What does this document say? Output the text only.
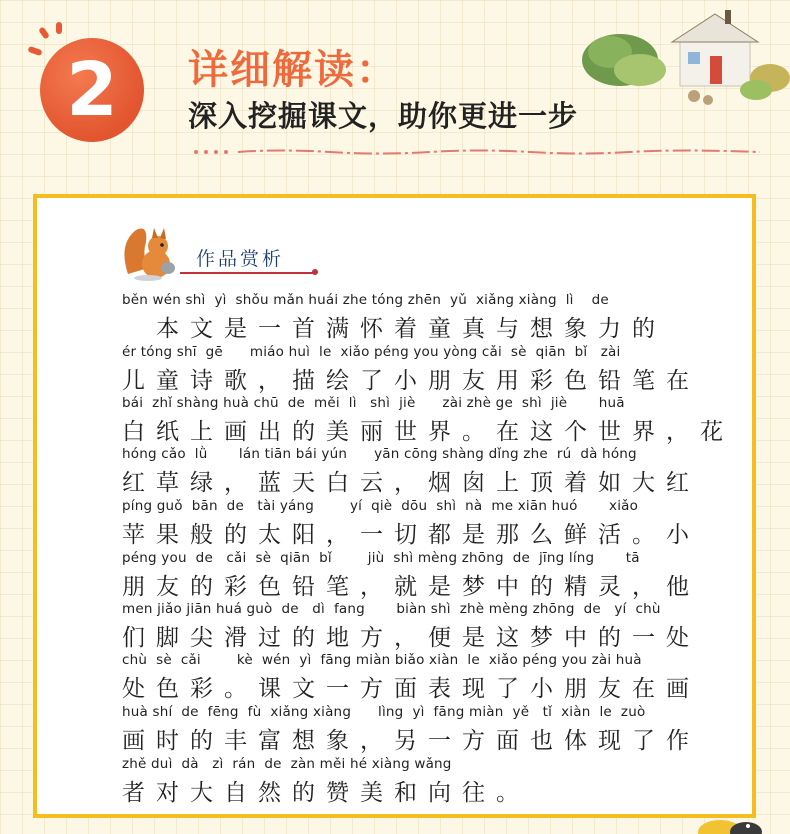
2	详细解读：
深入挖掘课文，助你更进一步
作品赏析
běn wén shì  yì  shǒu mǎn huái zhe tóng zhēn  yǔ  xiǎng xiàng  lì    de
　本文是一首满怀着童真与想象力的
ér tóng shī  gē      miáo huì  le  xiǎo péng you yòng cǎi  sè  qiān  bǐ   zài
儿童诗歌，描绘了小朋友用彩色铅笔在
bái  zhǐ shàng huà chū  de  měi  lì   shì  jiè      zài zhè ge  shì  jiè       huā
白纸上画出的美丽世界。在这个世界，花
hóng cǎo  lǜ       lán tiān bái yún      yān cōng shàng dǐng zhe  rú  dà hóng
红草绿，蓝天白云，烟囱上顶着如大红
píng guǒ  bān  de   tài yáng        yí  qiè  dōu  shì  nà  me xiān huó       xiǎo
苹果般的太阳，一切都是那么鲜活。小
péng you  de   cǎi  sè  qiān  bǐ        jiù  shì mèng zhōng  de  jīng líng       tā
朋友的彩色铅笔，就是梦中的精灵，他
men jiǎo jiān huá guò  de   dì  fang       biàn shì  zhè mèng zhōng  de   yí  chù
们脚尖滑过的地方，便是这梦中的一处
chù  sè  cǎi        kè  wén  yì  fāng miàn biǎo xiàn  le  xiǎo péng you zài huà
处色彩。课文一方面表现了小朋友在画
huà shí  de  fēng  fù  xiǎng xiàng      lìng  yì  fāng miàn  yě   tǐ  xiàn  le  zuò
画时的丰富想象，另一方面也体现了作
zhě duì  dà   zì  rán  de  zàn měi hé xiàng wǎng
者对大自然的赞美和向往。
